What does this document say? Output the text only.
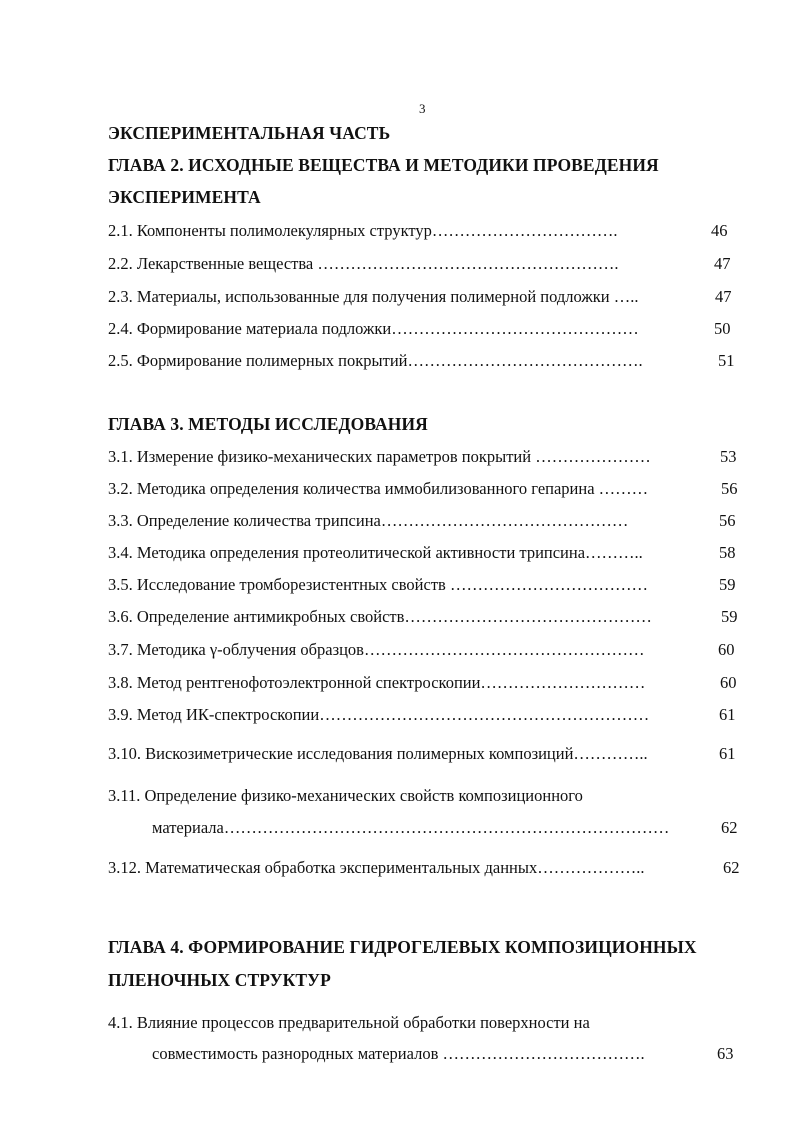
3
ЭКСПЕРИМЕНТАЛЬНАЯ ЧАСТЬ
ГЛАВА 2. ИСХОДНЫЕ ВЕЩЕСТВА И МЕТОДИКИ ПРОВЕДЕНИЯ
ЭКСПЕРИМЕНТА
2.1. Компоненты полимолекулярных структур…………………………….	46
2.2. Лекарственные вещества ……………………………………………….	47
2.3. Материалы, использованные для получения полимерной подложки …..	47
2.4. Формирование материала подложки………………………………………	50
2.5. Формирование полимерных покрытий…………………………………….	51
ГЛАВА 3. МЕТОДЫ ИССЛЕДОВАНИЯ
3.1. Измерение физико-механических параметров покрытий …………………	53
3.2. Методика определения количества иммобилизованного гепарина ………	56
3.3. Определение количества трипсина………………………………………	56
3.4. Методика определения протеолитической активности трипсина………..	58
3.5. Исследование тромборезистентных свойств ………………………………	59
3.6. Определение антимикробных свойств………………………………………	59
3.7. Методика γ-облучения образцов……………………………………………	60
3.8. Метод рентгенофотоэлектронной спектроскопии…………………………	60
3.9. Метод ИК-спектроскопии……………………………………………………	61
3.10. Вискозиметрические исследования полимерных композиций…………..	61
3.11. Определение физико-механических свойств композиционного
материала………………………………………………………………………	62
3.12. Математическая обработка экспериментальных данных………………..	62
ГЛАВА 4. ФОРМИРОВАНИЕ ГИДРОГЕЛЕВЫХ КОМПОЗИЦИОННЫХ
ПЛЕНОЧНЫХ СТРУКТУР
4.1. Влияние процессов предварительной обработки поверхности на
совместимость разнородных материалов ……………………………….	63
